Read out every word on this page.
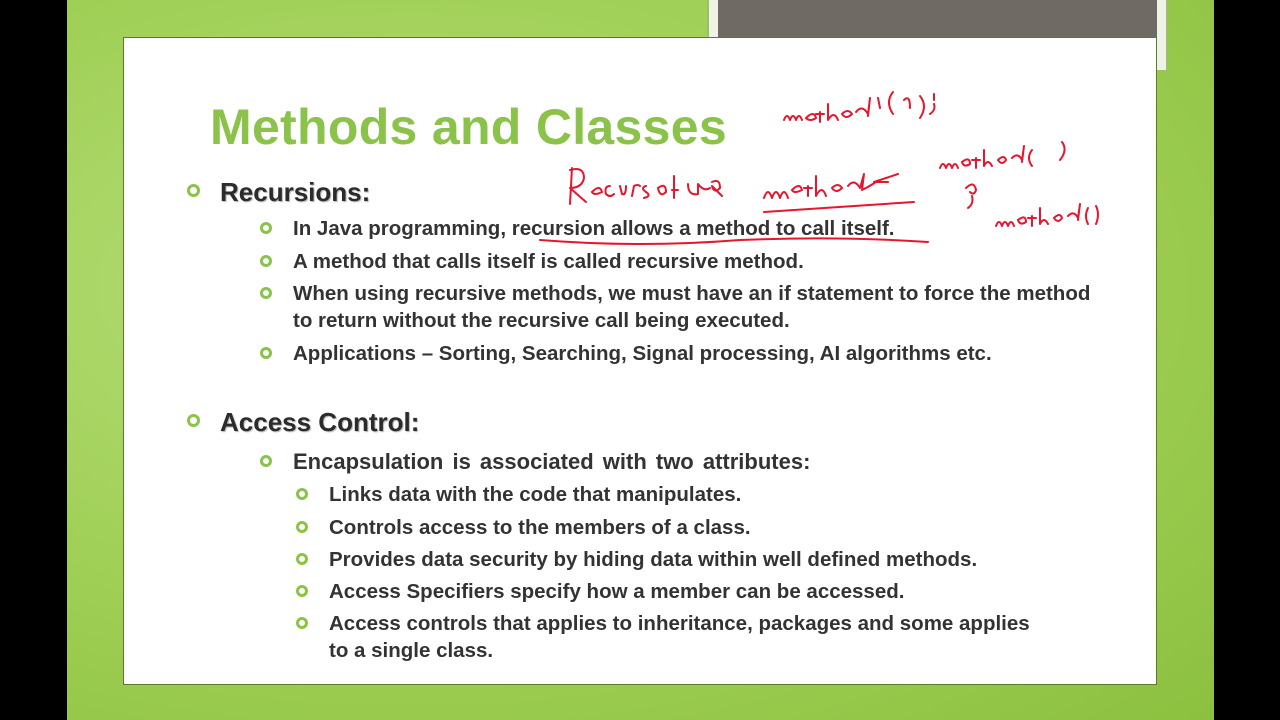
Methods and Classes
Recursions:
In Java programming, recursion allows a method to call itself.
A method that calls itself is called recursive method.
When using recursive methods, we must have an if statement to force the method to return without the recursive call being executed.
Applications – Sorting, Searching, Signal processing, AI algorithms etc.
Access Control:
Encapsulation is associated with two attributes:
Links data with the code that manipulates.
Controls access to the members of a class.
Provides data security by hiding data within well defined methods.
Access Specifiers specify how a member can be accessed.
Access controls that applies to inheritance, packages and some applies to a single class.
